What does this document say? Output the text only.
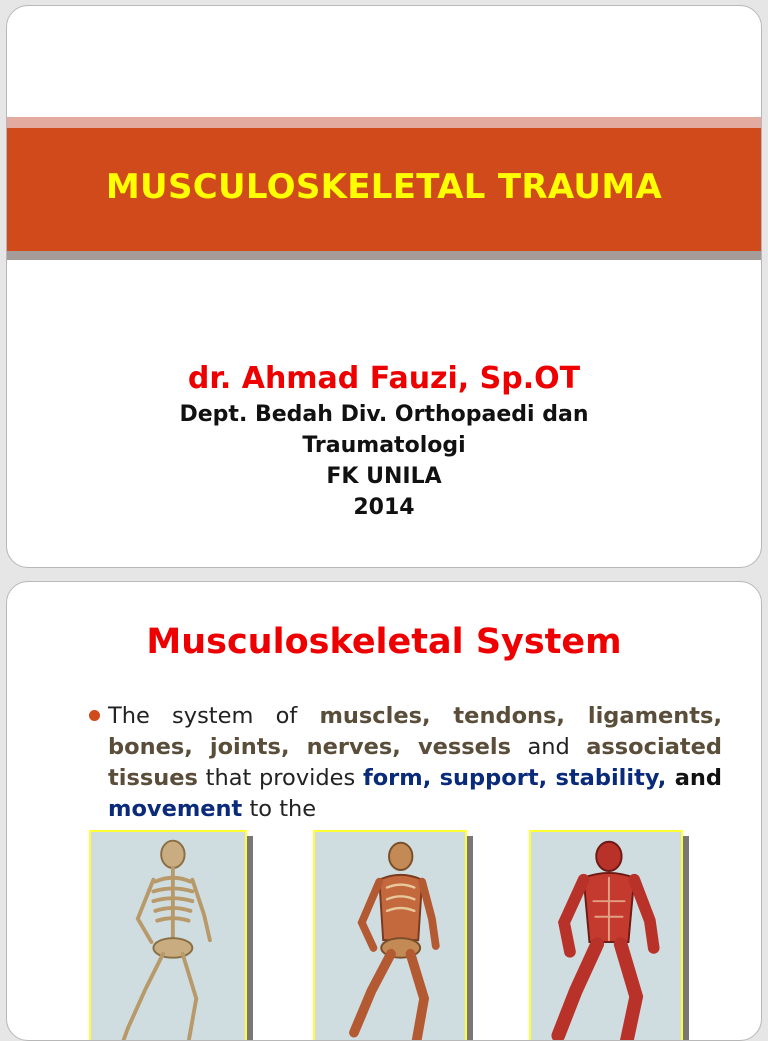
MUSCULOSKELETAL TRAUMA
dr. Ahmad Fauzi, Sp.OT
Dept. Bedah Div. Orthopaedi dan
Traumatologi
FK UNILA
2014
Musculoskeletal System
The system of muscles, tendons, ligaments, bones, joints, nerves, vessels and associated tissues that provides form, support, stability, and movement to the
